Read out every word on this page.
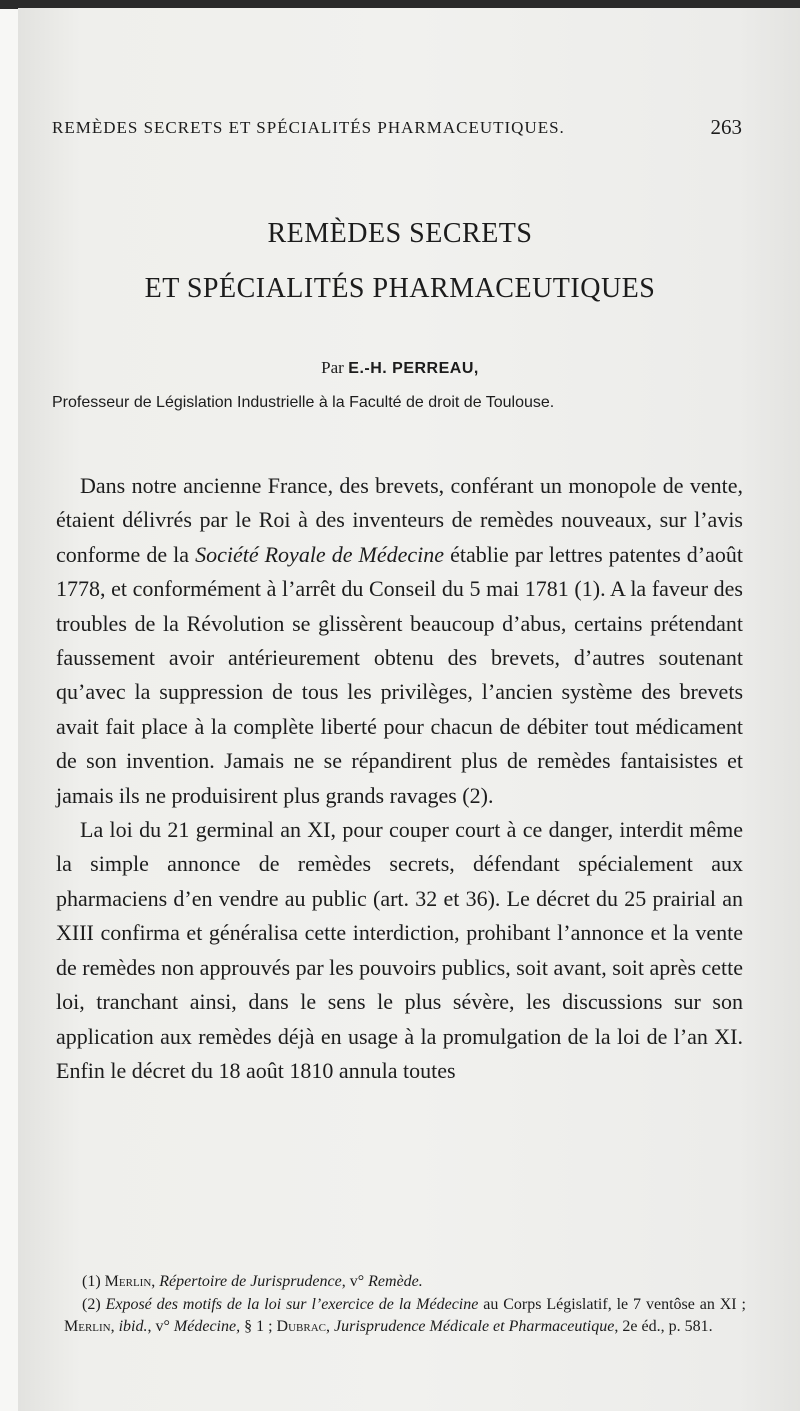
REMÈDES SECRETS ET SPÉCIALITÉS PHARMACEUTIQUES.	263
REMÈDES SECRETS
ET SPÉCIALITÉS PHARMACEUTIQUES
Par E.-H. PERREAU,
Professeur de Législation Industrielle à la Faculté de droit de Toulouse.

Dans notre ancienne France, des brevets, conférant un monopole de vente, étaient délivrés par le Roi à des inventeurs de remèdes nouveaux, sur l’avis conforme de la Société Royale de Médecine établie par lettres patentes d’août 1778, et conformément à l’arrêt du Conseil du 5 mai 1781 (1). A la faveur des troubles de la Révolution se glissèrent beaucoup d’abus, certains prétendant faussement avoir antérieurement obtenu des brevets, d’autres soutenant qu’avec la suppression de tous les privilèges, l’ancien système des brevets avait fait place à la complète liberté pour chacun de débiter tout médicament de son invention. Jamais ne se répandirent plus de remèdes fantaisistes et jamais ils ne produisirent plus grands ravages (2).

La loi du 21 germinal an XI, pour couper court à ce danger, interdit même la simple annonce de remèdes secrets, défendant spécialement aux pharmaciens d’en vendre au public (art. 32 et 36). Le décret du 25 prairial an XIII confirma et généralisa cette interdiction, prohibant l’annonce et la vente de remèdes non approuvés par les pouvoirs publics, soit avant, soit après cette loi, tranchant ainsi, dans le sens le plus sévère, les discussions sur son application aux remèdes déjà en usage à la promulgation de la loi de l’an XI. Enfin le décret du 18 août 1810 annula toutes

(1) Merlin, Répertoire de Jurisprudence, v° Remède.

(2) Exposé des motifs de la loi sur l’exercice de la Médecine au Corps Législatif, le 7 ventôse an XI ; Merlin, ibid., v° Médecine, § 1 ; Dubrac, Jurisprudence Médicale et Pharmaceutique, 2e éd., p. 581.
